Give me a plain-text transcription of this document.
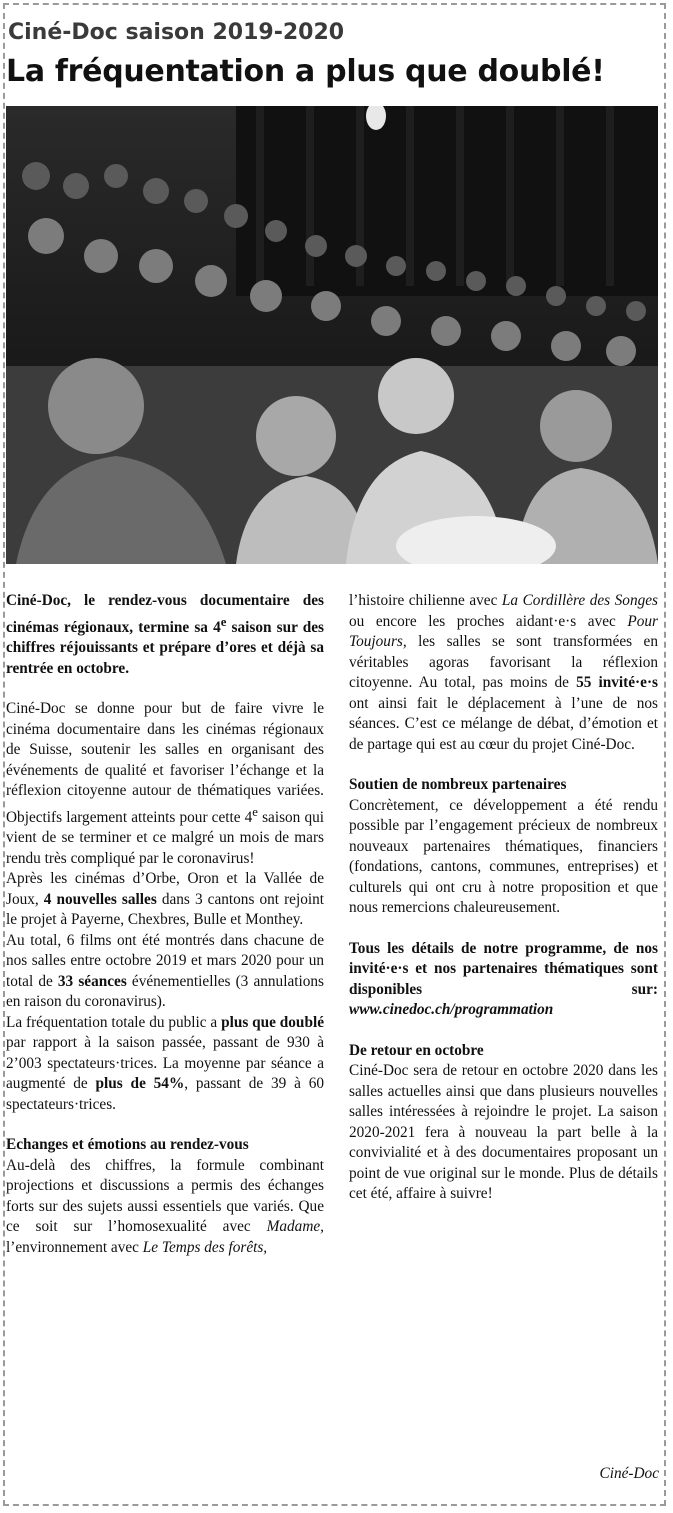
Ciné-Doc saison 2019-2020
La fréquentation a plus que doublé!

Ciné-Doc, le rendez-vous documentaire des cinémas régionaux, termine sa 4e saison sur des chiffres réjouissants et prépare d’ores et déjà sa rentrée en octobre.

Ciné-Doc se donne pour but de faire vivre le cinéma documentaire dans les cinémas régionaux de Suisse, soutenir les salles en organisant des événements de qualité et favoriser l’échange et la réflexion citoyenne autour de thématiques variées. Objectifs largement atteints pour cette 4e saison qui vient de se terminer et ce malgré un mois de mars rendu très compliqué par le coronavirus!

Après les cinémas d’Orbe, Oron et la Vallée de Joux, 4 nouvelles salles dans 3 cantons ont rejoint le projet à Payerne, Chexbres, Bulle et Monthey.

Au total, 6 films ont été montrés dans chacune de nos salles entre octobre 2019 et mars 2020 pour un total de 33 séances événementielles (3 annulations en raison du coronavirus).

La fréquentation totale du public a plus que doublé par rapport à la saison passée, passant de 930 à 2’003 spectateurs·trices. La moyenne par séance a augmenté de plus de 54%, passant de 39 à 60 spectateurs·trices.

Echanges et émotions au rendez-vous

Au-delà des chiffres, la formule combinant projections et discussions a permis des échanges forts sur des sujets aussi essentiels que variés. Que ce soit sur l’homosexualité avec Madame, l’environnement avec Le Temps des forêts,

l’histoire chilienne avec La Cordillère des Songes ou encore les proches aidant·e·s avec Pour Toujours, les salles se sont transformées en véritables agoras favorisant la réflexion citoyenne. Au total, pas moins de 55 invité·e·s ont ainsi fait le déplacement à l’une de nos séances. C’est ce mélange de débat, d’émotion et de partage qui est au cœur du projet Ciné-Doc.

Soutien de nombreux partenaires

Concrètement, ce développement a été rendu possible par l’engagement précieux de nombreux nouveaux partenaires thématiques, financiers (fondations, cantons, communes, entreprises) et culturels qui ont cru à notre proposition et que nous remercions chaleureusement.

Tous les détails de notre programme, de nos invité·e·s et nos partenaires thématiques sont disponibles sur: www.cinedoc.ch/programmation

De retour en octobre

Ciné-Doc sera de retour en octobre 2020 dans les salles actuelles ainsi que dans plusieurs nouvelles salles intéressées à rejoindre le projet. La saison 2020-2021 fera à nouveau la part belle à la convivialité et à des documentaires proposant un point de vue original sur le monde. Plus de détails cet été, affaire à suivre!

Ciné-Doc
